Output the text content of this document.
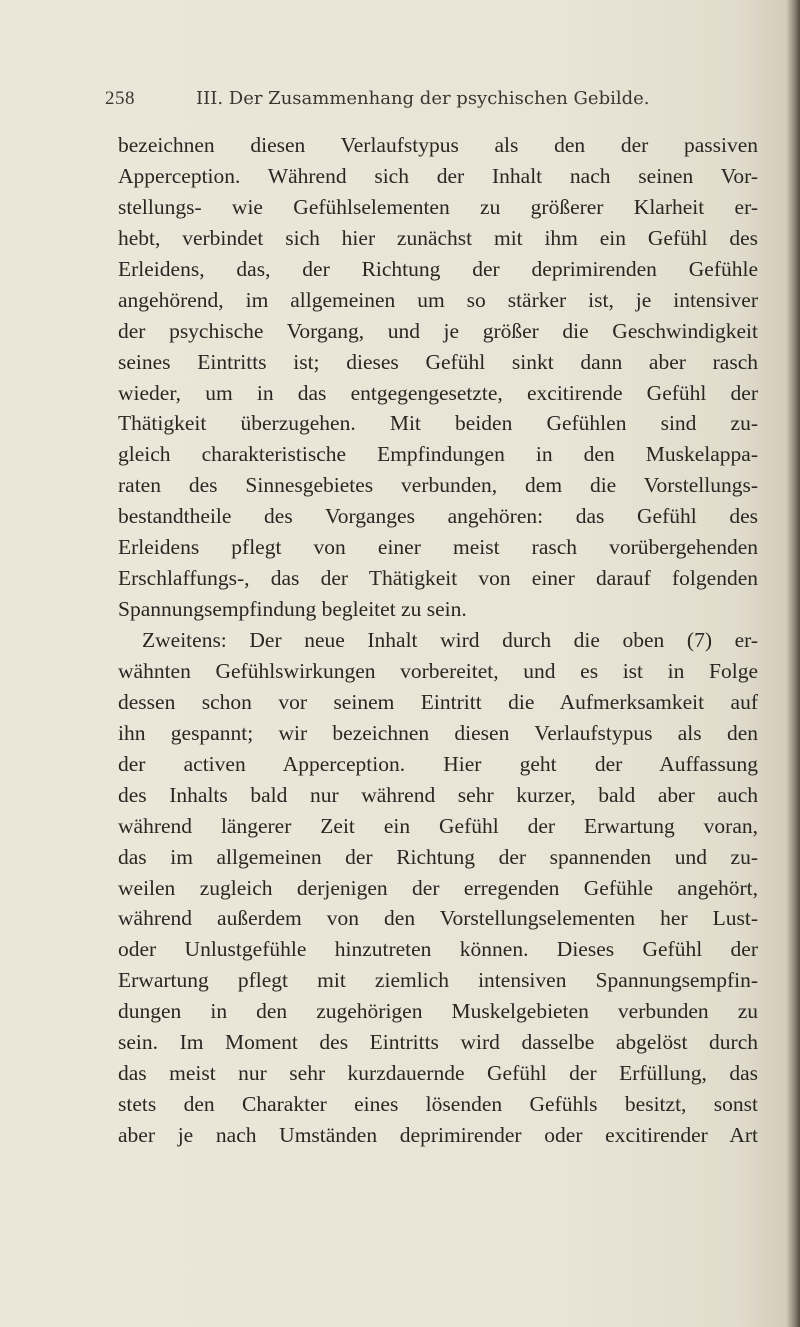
258	III. Der Zusammenhang der psychischen Gebilde.
bezeichnen diesen Verlaufstypus als den der passiven
Apperception. Während sich der Inhalt nach seinen Vor-
stellungs- wie Gefühlselementen zu größerer Klarheit er-
hebt, verbindet sich hier zunächst mit ihm ein Gefühl des
Erleidens, das, der Richtung der deprimirenden Gefühle
angehörend, im allgemeinen um so stärker ist, je intensiver
der psychische Vorgang, und je größer die Geschwindigkeit
seines Eintritts ist; dieses Gefühl sinkt dann aber rasch
wieder, um in das entgegengesetzte, excitirende Gefühl der
Thätigkeit überzugehen. Mit beiden Gefühlen sind zu-
gleich charakteristische Empfindungen in den Muskelappa-
raten des Sinnesgebietes verbunden, dem die Vorstellungs-
bestandtheile des Vorganges angehören: das Gefühl des
Erleidens pflegt von einer meist rasch vorübergehenden
Erschlaffungs-, das der Thätigkeit von einer darauf folgenden
Spannungsempfindung begleitet zu sein.
Zweitens: Der neue Inhalt wird durch die oben (7) er-
wähnten Gefühlswirkungen vorbereitet, und es ist in Folge
dessen schon vor seinem Eintritt die Aufmerksamkeit auf
ihn gespannt; wir bezeichnen diesen Verlaufstypus als den
der activen Apperception. Hier geht der Auffassung
des Inhalts bald nur während sehr kurzer, bald aber auch
während längerer Zeit ein Gefühl der Erwartung voran,
das im allgemeinen der Richtung der spannenden und zu-
weilen zugleich derjenigen der erregenden Gefühle angehört,
während außerdem von den Vorstellungselementen her Lust-
oder Unlustgefühle hinzutreten können. Dieses Gefühl der
Erwartung pflegt mit ziemlich intensiven Spannungsempfin-
dungen in den zugehörigen Muskelgebieten verbunden zu
sein. Im Moment des Eintritts wird dasselbe abgelöst durch
das meist nur sehr kurzdauernde Gefühl der Erfüllung, das
stets den Charakter eines lösenden Gefühls besitzt, sonst
aber je nach Umständen deprimirender oder excitirender Art
